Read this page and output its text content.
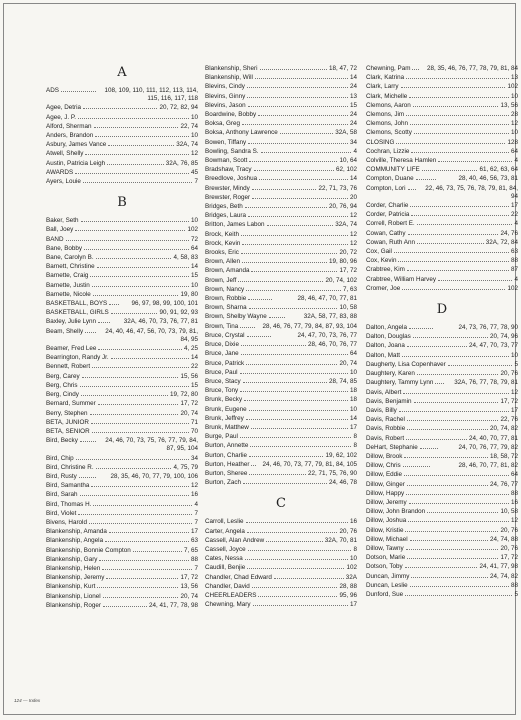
A
ADS	108, 109, 110, 111, 112, 113, 114, 115, 116, 117, 118
Agee, Detria	20, 72, 82, 94
Agee, J. P.	10
Alford, Sherman	22, 74
Anders, Brandon	10
Asbury, James Vance	32A, 74
Atwell, Shelly	12
Austin, Patricia Leigh	32A, 76, 85
AWARDS	45
Ayers, Louie	7
B
Baker, Seth	10
Ball, Joey	102
BAND	72
Bane, Bobby	64
Bane, Carolyn B.	4, 58, 83
Barnett, Christine	14
Barnette, Craig	15
Barnette, Justin	10
Barnette, Nicole	19, 80
BASKETBALL, BOYS	96, 97, 98, 99, 100, 101
BASKETBALL, GIRLS	90, 91, 92, 93
Baxley, Julie Lynn	32A, 46, 70, 73, 76, 77, 81
Beam, Shelly	24, 40, 46, 47, 56, 70, 73, 79, 81, 84, 95
Beamer, Fred Lee	4, 25
Bearrington, Randy Jr.	14
Bennett, Robert	22
Berg, Carey	15, 56
Berg, Chris	15
Berg, Cindy	19, 72, 80
Bernard, Summer	17, 72
Berry, Stephen	20, 74
BETA, JUNIOR	71
BETA, SENIOR	70
Bird, Becky	24, 46, 70, 73, 75, 76, 77, 79, 84, 87, 95, 104
Bird, Chip	34
Bird, Christine R.	4, 75, 79
Bird, Rusty	28, 35, 46, 70, 77, 79, 100, 106
Bird, Samantha	12
Bird, Sarah	16
Bird, Thomas H.	4
Bird, Violet	7
Bivens, Harold	7
Blankenship, Amanda	17
Blankenship, Angela	63
Blankenship, Bonnie Compton	7, 65
Blankenship, Gary	88
Blankenship, Helen	7
Blankenship, Jeremy	17, 72
Blankenship, Kurt	13, 56
Blankenship, Lionel	20, 74
Blankenship, Roger	24, 41, 77, 78, 98
Blankenship, Sheri	18, 47, 72
Blankenship, Will	14
Blevins, Cindy	24
Blevins, Ginny	13
Blevins, Jason	15
Boardwine, Bobby	24
Boksa, Greg	24
Boksa, Anthony Lawrence	32A, 58
Bowen, Tiffany	34
Bowling, Sandra S.	4
Bowman, Scott	10, 64
Bradshaw, Tracy	62, 102
Breedlove, Joshua	14
Brewster, Mindy	22, 71, 73, 76
Brewster, Roger	20
Bridges, Beth	20, 76, 94
Bridges, Laura	12
Britton, James Labon	32A, 74
Brock, Keith	12
Brock, Kevin	12
Brooks, Eric	20, 72
Brown, Allen	19, 80, 96
Brown, Amanda	17, 72
Brown, Jeff	20, 74, 102
Brown, Nancy	7, 63
Brown, Robbie	28, 46, 47, 70, 77, 81
Brown, Sharna	10, 58
Brown, Shelby Wayne	32A, 58, 77, 83, 88
Brown, Tina	28, 46, 76, 77, 79, 84, 87, 93, 104
Bruce, Crystal	24, 47, 70, 73, 76, 77
Bruce, Dixie	28, 46, 70, 76, 77
Bruce, Jane	64
Bruce, Patrick	20, 74
Bruce, Paul	10
Bruce, Stacy	28, 74, 85
Bruce, Tony	18
Brunk, Becky	18
Brunk, Eugene	10
Brunk, Jeffrey	14
Brunk, Matthew	17
Burge, Paul	8
Burton, Annette	8
Burton, Charlie	19, 62, 102
Burton, Heather	24, 46, 70, 73, 77, 79, 81, 84, 105
Burton, Sheree	22, 71, 75, 76, 90
Burton, Zach	24, 46, 78
C
Carroll, Leslie	16
Carter, Angela	20, 76
Cassell, Alan Andrew	32A, 70, 81
Cassell, Joyce	8
Cates, Nessa	10
Caudill, Benjie	102
Chandler, Chad Edward	32A
Chandler, David	28, 88
CHEERLEADERS	95, 96
Chewning, Mary	17
Chewning, Pam	28, 35, 46, 76, 77, 78, 79, 81, 84
Clark, Katrina	13
Clark, Larry	102
Clark, Michelle	10
Clemons, Aaron	13, 56
Clemons, Jim	28
Clemons, John	12
Clemons, Scotty	10
CLOSING	128
Cochran, Lizzie	64
Colville, Theresa Hamlen	4
COMMUNITY LIFE	61, 62, 63, 64
Compton, Duane	28, 40, 46, 56, 73, 81
Compton, Lori	22, 46, 73, 75, 76, 78, 79, 81, 84, 94
Corder, Charlie	17
Corder, Patricia	22
Correll, Robert E.	4
Cowan, Cathy	24, 76
Cowan, Ruth Ann	32A, 72, 84
Cox, Gail	63
Cox, Kevin	88
Crabtree, Kim	87
Crabtree, William Harvey	4
Cromer, Joe	102
D
Dalton, Angela	24, 73, 76, 77, 78, 90
Dalton, Douglas	20, 74, 96
Dalton, Joana	24, 47, 70, 73, 77
Dalton, Matt	10
Daugherty, Lisa Copenhaver	5
Daughtery, Karen	20, 76
Daughtery, Tammy Lynn	32A, 76, 77, 78, 79, 81
Davis, Albert	12
Davis, Benjamin	17, 72
Davis, Billy	17
Davis, Rachel	22, 76
Davis, Robbie	20, 74, 82
Davis, Robert	24, 40, 70, 77, 81
DeHart, Stephanie	24, 70, 76, 77, 79, 82
Dillow, Brook	18, 58, 72
Dillow, Chris	28, 46, 70, 77, 81, 82
Dillow, Eddie	64
Dillow, Ginger	24, 76, 77
Dillow, Happy	88
Dillow, Jeremy	16
Dillow, John Brandon	10, 58
Dillow, Joshua	12
Dillow, Kristie	20, 76
Dillow, Michael	24, 74, 88
Dillow, Tawny	20, 76
Dotson, Marie	17, 72
Dotson, Toby	24, 41, 77, 98
Duncan, Jimmy	24, 74, 82
Duncan, Leslie	88
Dunford, Sue	5
124 — Index
